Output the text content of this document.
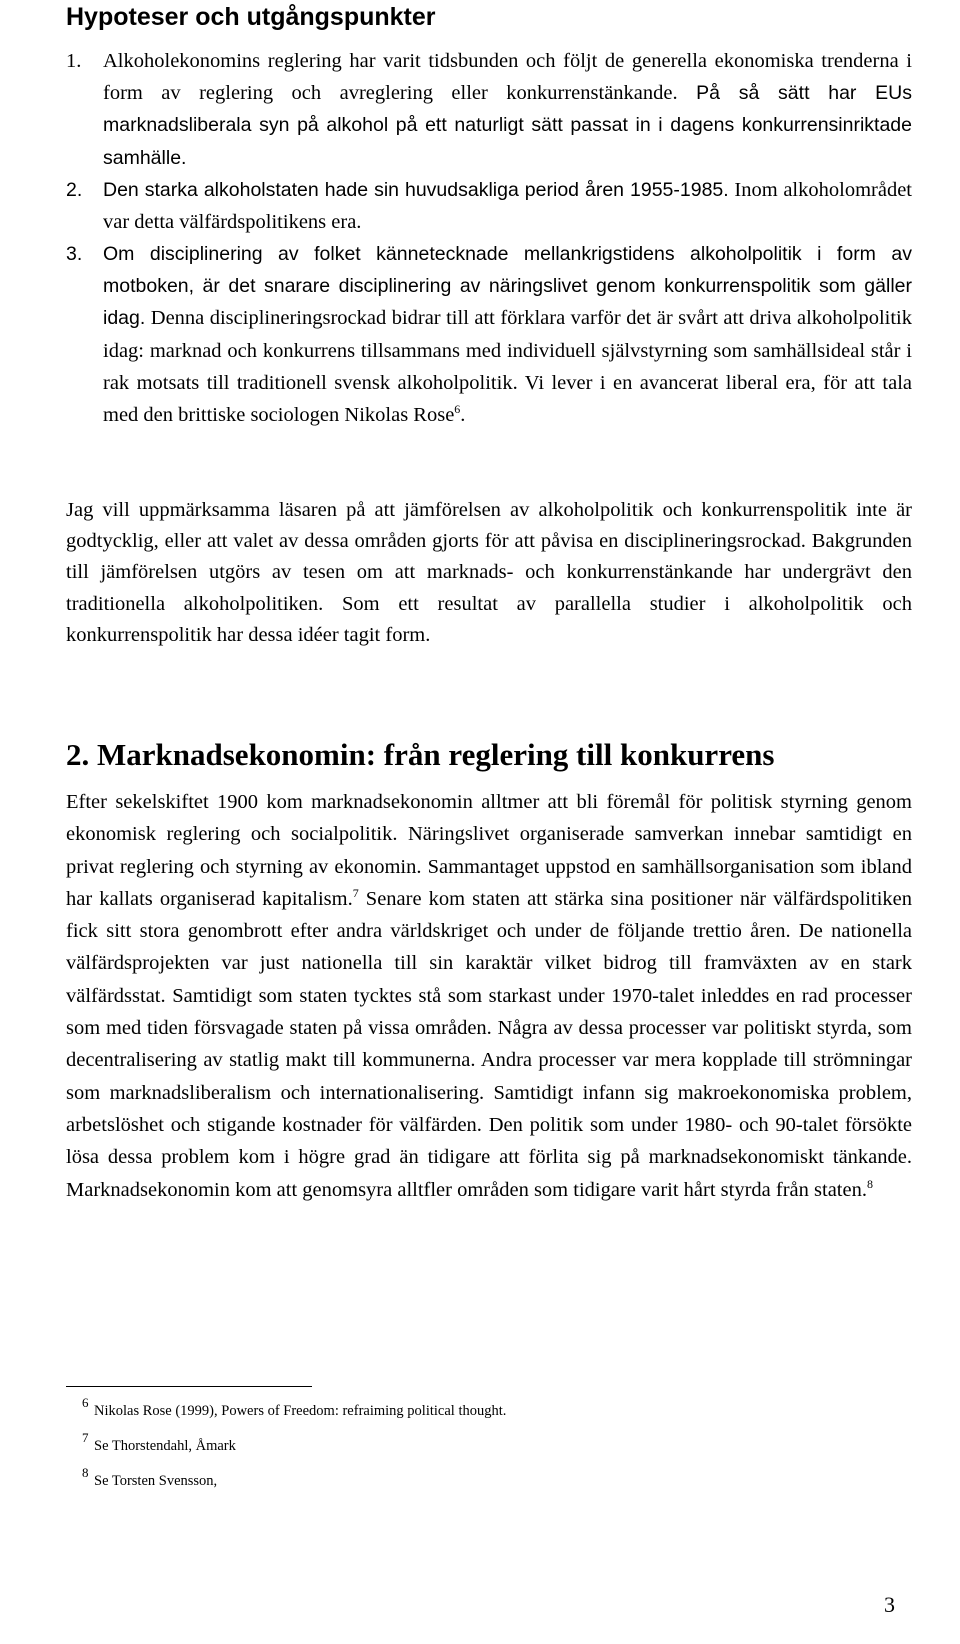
Hypoteser och utgångspunkter
1. Alkoholekonomins reglering har varit tidsbunden och följt de generella ekonomiska trenderna i form av reglering och avreglering eller konkurrenstänkande. På så sätt har EUs marknadsliberala syn på alkohol på ett naturligt sätt passat in i dagens konkurrensinriktade samhälle.
2. Den starka alkoholstaten hade sin huvudsakliga period åren 1955-1985. Inom alkoholområdet var detta välfärdspolitikens era.
3. Om disciplinering av folket kännetecknade mellankrigstidens alkoholpolitik i form av motboken, är det snarare disciplinering av näringslivet genom konkurrenspolitik som gäller idag. Denna disciplineringsrockad bidrar till att förklara varför det är svårt att driva alkoholpolitik idag: marknad och konkurrens tillsammans med individuell självstyrning som samhällsideal står i rak motsats till traditionell svensk alkoholpolitik. Vi lever i en avancerat liberal era, för att tala med den brittiske sociologen Nikolas Rose$^6$.

Jag vill uppmärksamma läsaren på att jämförelsen av alkoholpolitik och konkurrenspolitik inte är godtycklig, eller att valet av dessa områden gjorts för att påvisa en disciplineringsrockad. Bakgrunden till jämförelsen utgörs av tesen om att marknads- och konkurrenstänkande har undergrävt den traditionella alkoholpolitiken. Som ett resultat av parallella studier i alkoholpolitik och konkurrenspolitik har dessa idéer tagit form.

2. Marknadsekonomin: från reglering till konkurrens

Efter sekelskiftet 1900 kom marknadsekonomin alltmer att bli föremål för politisk styrning genom ekonomisk reglering och socialpolitik. Näringslivet organiserade samverkan innebar samtidigt en privat reglering och styrning av ekonomin. Sammantaget uppstod en samhällsorganisation som ibland har kallats organiserad kapitalism.$^7$ Senare kom staten att stärka sina positioner när välfärdspolitiken fick sitt stora genombrott efter andra världskriget och under de följande trettio åren. De nationella välfärdsprojekten var just nationella till sin karaktär vilket bidrog till framväxten av en stark välfärdsstat. Samtidigt som staten tycktes stå som starkast under 1970-talet inleddes en rad processer som med tiden försvagade staten på vissa områden. Några av dessa processer var politiskt styrda, som decentralisering av statlig makt till kommunerna. Andra processer var mera kopplade till strömningar som marknadsliberalism och internationalisering. Samtidigt infann sig makroekonomiska problem, arbetslöshet och stigande kostnader för välfärden. Den politik som under 1980- och 90-talet försökte lösa dessa problem kom i högre grad än tidigare att förlita sig på marknadsekonomiskt tänkande. Marknadsekonomin kom att genomsyra alltfler områden som tidigare varit hårt styrda från staten.$^8$

6
Nikolas Rose (1999), Powers of Freedom: refraiming political thought.

7
Se Thorstendahl, Åmark

8
Se Torsten Svensson,

3
